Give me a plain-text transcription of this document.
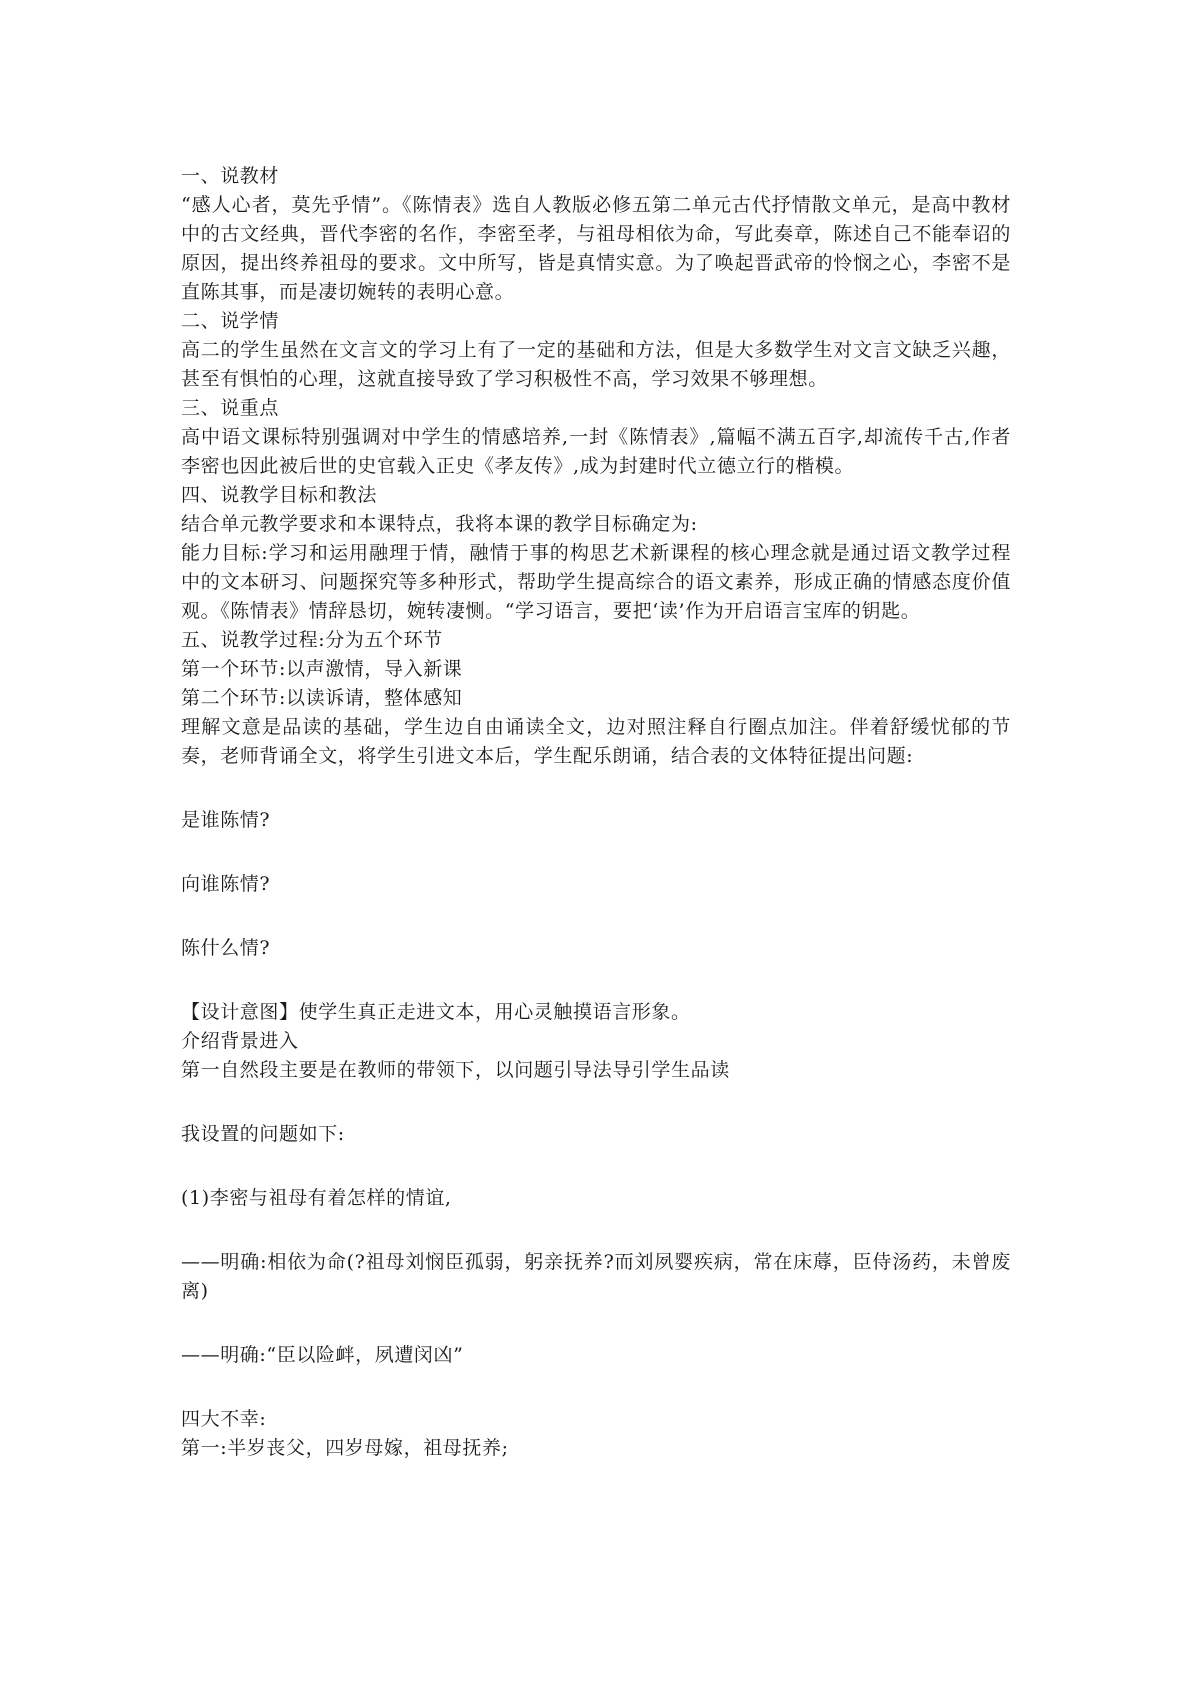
一、说教材
“感人心者，莫先乎情”。《陈情表》选自人教版必修五第二单元古代抒情散文单元，是高中教材中的古文经典，晋代李密的名作，李密至孝，与祖母相依为命，写此奏章，陈述自己不能奉诏的原因，提出终养祖母的要求。文中所写，皆是真情实意。为了唤起晋武帝的怜悯之心，李密不是直陈其事，而是凄切婉转的表明心意。
二、说学情
高二的学生虽然在文言文的学习上有了一定的基础和方法，但是大多数学生对文言文缺乏兴趣，甚至有惧怕的心理，这就直接导致了学习积极性不高，学习效果不够理想。
三、说重点
高中语文课标特别强调对中学生的情感培养,一封《陈情表》,篇幅不满五百字,却流传千古,作者李密也因此被后世的史官载入正史《孝友传》,成为封建时代立德立行的楷模。
四、说教学目标和教法
结合单元教学要求和本课特点，我将本课的教学目标确定为:
能力目标:学习和运用融理于情，融情于事的构思艺术新课程的核心理念就是通过语文教学过程中的文本研习、问题探究等多种形式，帮助学生提高综合的语文素养，形成正确的情感态度价值观。《陈情表》情辞恳切，婉转凄恻。“学习语言，要把‘读’作为开启语言宝库的钥匙。
五、说教学过程:分为五个环节
第一个环节:以声激情，导入新课
第二个环节:以读诉请，整体感知
理解文意是品读的基础，学生边自由诵读全文，边对照注释自行圈点加注。伴着舒缓忧郁的节奏，老师背诵全文，将学生引进文本后，学生配乐朗诵，结合表的文体特征提出问题:
是谁陈情?
向谁陈情?
陈什么情?
【设计意图】使学生真正走进文本，用心灵触摸语言形象。
介绍背景进入
第一自然段主要是在教师的带领下，以问题引导法导引学生品读
我设置的问题如下:
(1)李密与祖母有着怎样的情谊,
——明确:相依为命(?祖母刘悯臣孤弱，躬亲抚养?而刘夙婴疾病，常在床蓐，臣侍汤药，未曾废离)
——明确:“臣以险衅，夙遭闵凶”
四大不幸:
第一:半岁丧父，四岁母嫁，祖母抚养;
